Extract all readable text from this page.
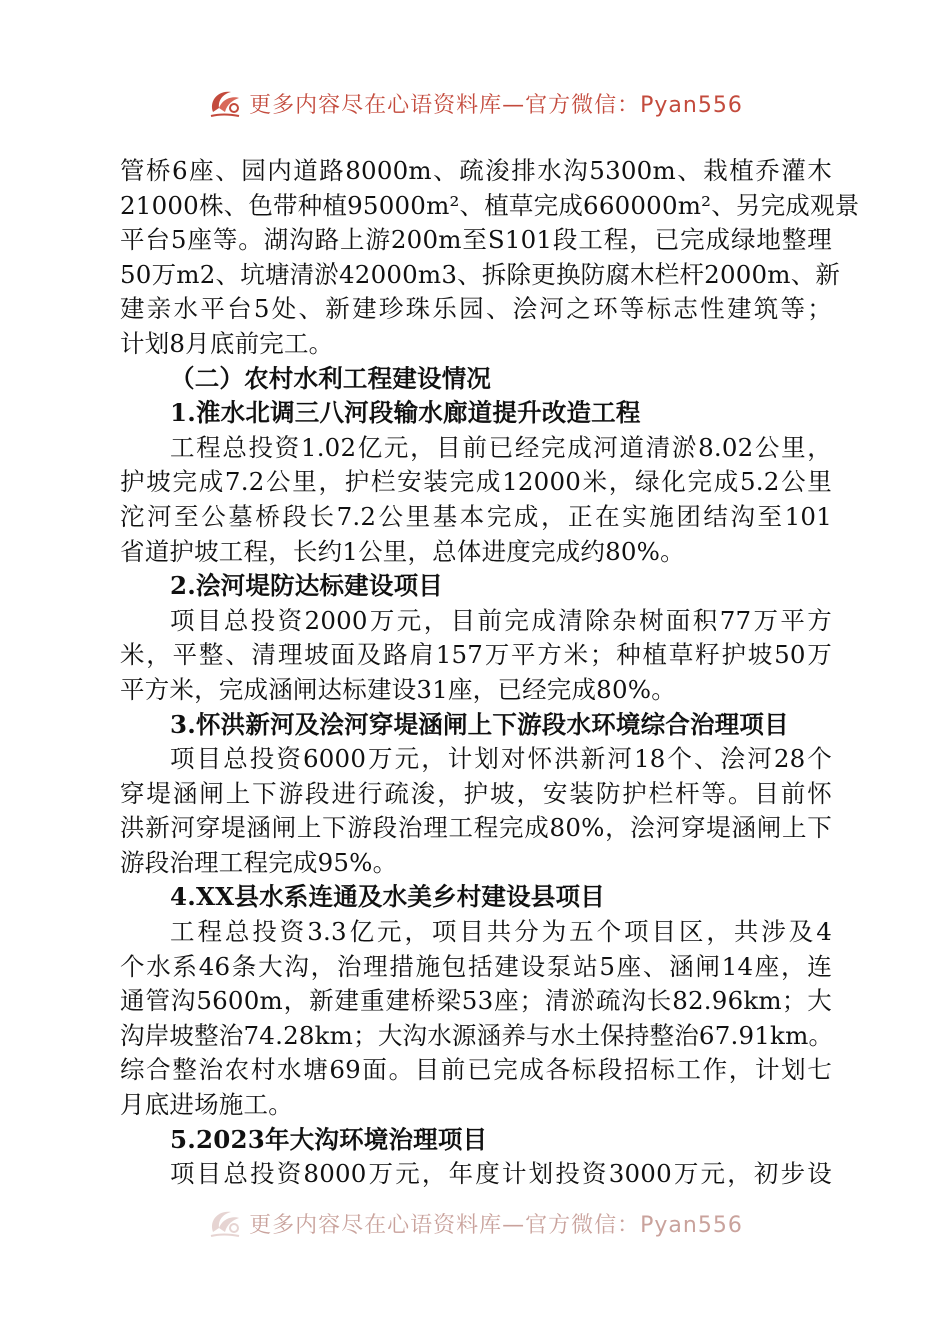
更多内容尽在心语资料库—官方微信：Pyan556
管桥6座、园内道路8000m、疏浚排水沟5300m、栽植乔灌木
21000株、色带种植95000m²、植草完成660000m²、另完成观景
平台5座等。湖沟路上游200m至S101段工程，已完成绿地整理
50万m2、坑塘清淤42000m3、拆除更换防腐木栏杆2000m、新
建亲水平台5处、新建珍珠乐园、浍河之环等标志性建筑等；
计划8月底前完工。
（二）农村水利工程建设情况
1.淮水北调三八河段输水廊道提升改造工程
工程总投资1.02亿元，目前已经完成河道清淤8.02公里，
护坡完成7.2公里，护栏安装完成12000米，绿化完成5.2公里
沱河至公墓桥段长7.2公里基本完成，正在实施团结沟至101
省道护坡工程，长约1公里，总体进度完成约80%。
2.浍河堤防达标建设项目
项目总投资2000万元，目前完成清除杂树面积77万平方
米，平整、清理坡面及路肩157万平方米；种植草籽护坡50万
平方米，完成涵闸达标建设31座，已经完成80%。
3.怀洪新河及浍河穿堤涵闸上下游段水环境综合治理项目
项目总投资6000万元，计划对怀洪新河18个、浍河28个
穿堤涵闸上下游段进行疏浚，护坡，安装防护栏杆等。目前怀
洪新河穿堤涵闸上下游段治理工程完成80%，浍河穿堤涵闸上下
游段治理工程完成95%。
4.XX县水系连通及水美乡村建设县项目
工程总投资3.3亿元，项目共分为五个项目区，共涉及4
个水系46条大沟，治理措施包括建设泵站5座、涵闸14座，连
通管沟5600m，新建重建桥梁53座；清淤疏沟长82.96km；大
沟岸坡整治74.28km；大沟水源涵养与水土保持整治67.91km。
综合整治农村水塘69面。目前已完成各标段招标工作，计划七
月底进场施工。
5.2023年大沟环境治理项目
项目总投资8000万元，年度计划投资3000万元，初步设
更多内容尽在心语资料库—官方微信：Pyan556
